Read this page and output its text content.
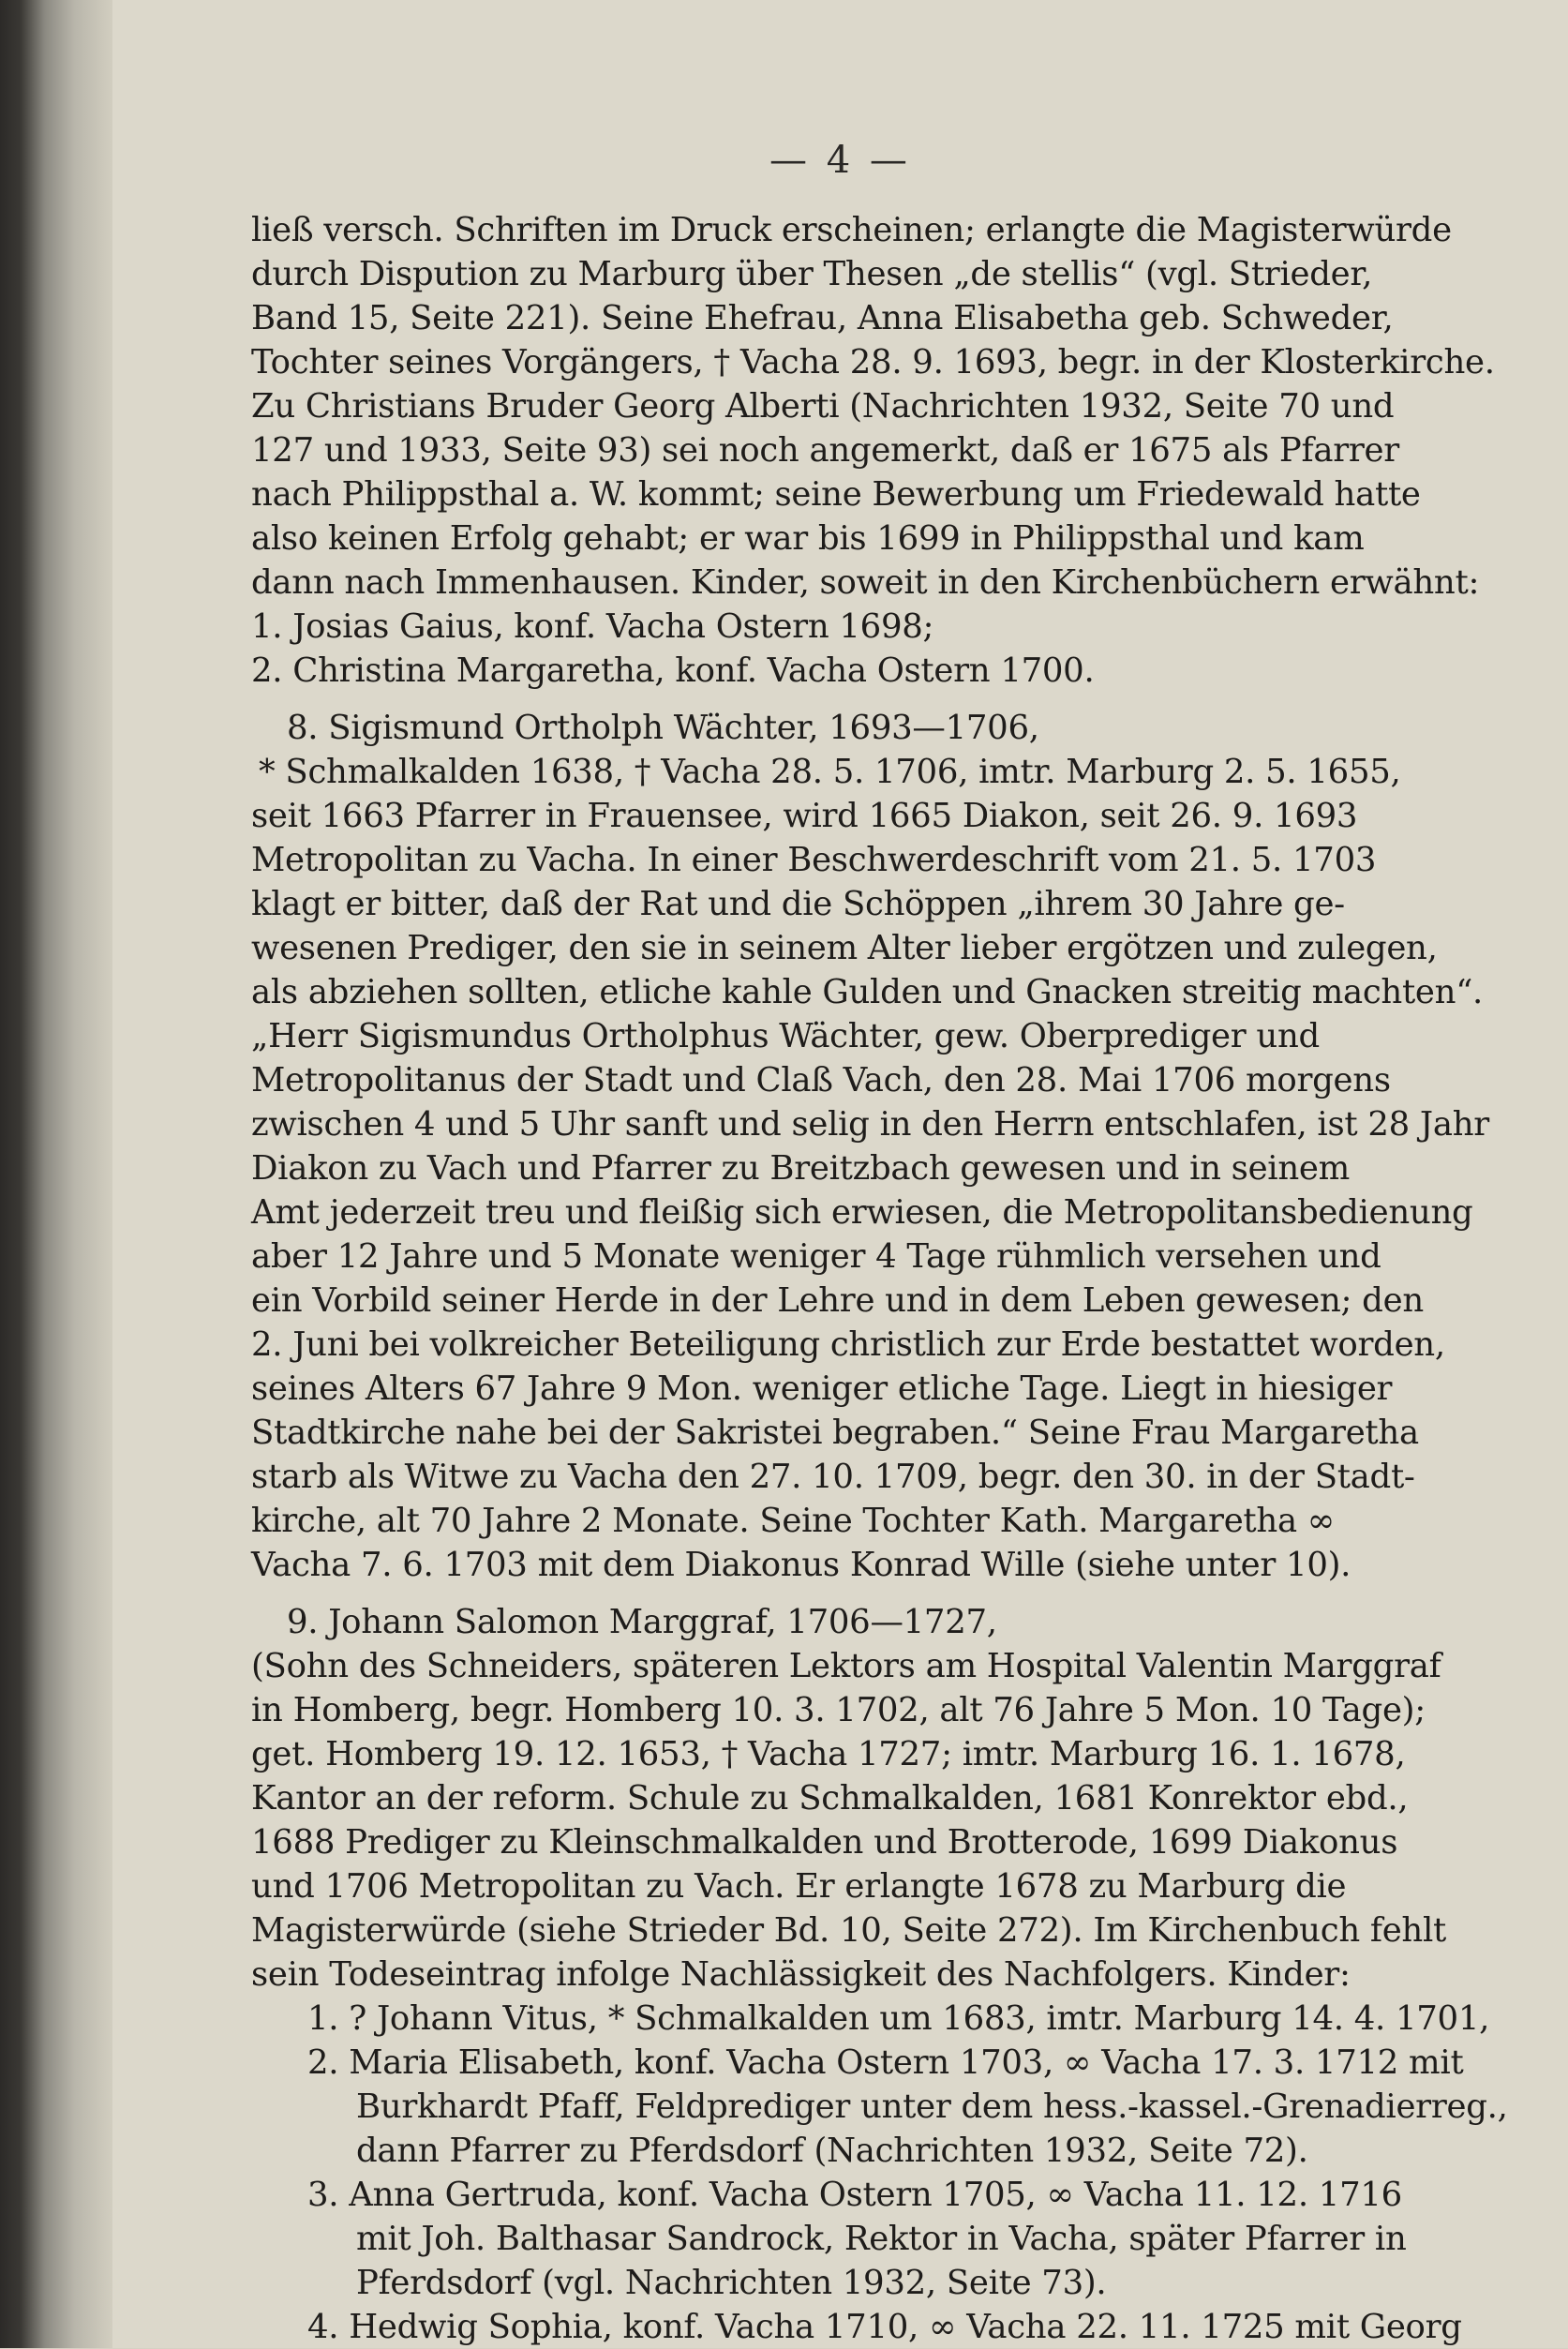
— 4 —
ließ versch. Schriften im Druck erscheinen; erlangte die Magisterwürde
durch Dispution zu Marburg über Thesen „de stellis“ (vgl. Strieder,
Band 15, Seite 221). Seine Ehefrau, Anna Elisabetha geb. Schweder,
Tochter seines Vorgängers, † Vacha 28. 9. 1693, begr. in der Klosterkirche.
Zu Christians Bruder Georg Alberti (Nachrichten 1932, Seite 70 und
127 und 1933, Seite 93) sei noch angemerkt, daß er 1675 als Pfarrer
nach Philippsthal a. W. kommt; seine Bewerbung um Friedewald hatte
also keinen Erfolg gehabt; er war bis 1699 in Philippsthal und kam
dann nach Immenhausen. Kinder, soweit in den Kirchenbüchern erwähnt:
1. Josias Gaius, konf. Vacha Ostern 1698;
2. Christina Margaretha, konf. Vacha Ostern 1700.
8. Sigismund Ortholph Wächter, 1693—1706,
* Schmalkalden 1638, † Vacha 28. 5. 1706, imtr. Marburg 2. 5. 1655,
seit 1663 Pfarrer in Frauensee, wird 1665 Diakon, seit 26. 9. 1693
Metropolitan zu Vacha. In einer Beschwerdeschrift vom 21. 5. 1703
klagt er bitter, daß der Rat und die Schöppen „ihrem 30 Jahre ge-
wesenen Prediger, den sie in seinem Alter lieber ergötzen und zulegen,
als abziehen sollten, etliche kahle Gulden und Gnacken streitig machten“.
„Herr Sigismundus Ortholphus Wächter, gew. Oberprediger und
Metropolitanus der Stadt und Claß Vach, den 28. Mai 1706 morgens
zwischen 4 und 5 Uhr sanft und selig in den Herrn entschlafen, ist 28 Jahr
Diakon zu Vach und Pfarrer zu Breitzbach gewesen und in seinem
Amt jederzeit treu und fleißig sich erwiesen, die Metropolitansbedienung
aber 12 Jahre und 5 Monate weniger 4 Tage rühmlich versehen und
ein Vorbild seiner Herde in der Lehre und in dem Leben gewesen; den
2. Juni bei volkreicher Beteiligung christlich zur Erde bestattet worden,
seines Alters 67 Jahre 9 Mon. weniger etliche Tage. Liegt in hiesiger
Stadtkirche nahe bei der Sakristei begraben.“ Seine Frau Margaretha
starb als Witwe zu Vacha den 27. 10. 1709, begr. den 30. in der Stadt-
kirche, alt 70 Jahre 2 Monate. Seine Tochter Kath. Margaretha ∞
Vacha 7. 6. 1703 mit dem Diakonus Konrad Wille (siehe unter 10).
9. Johann Salomon Marggraf, 1706—1727,
(Sohn des Schneiders, späteren Lektors am Hospital Valentin Marggraf
in Homberg, begr. Homberg 10. 3. 1702, alt 76 Jahre 5 Mon. 10 Tage);
get. Homberg 19. 12. 1653, † Vacha 1727; imtr. Marburg 16. 1. 1678,
Kantor an der reform. Schule zu Schmalkalden, 1681 Konrektor ebd.,
1688 Prediger zu Kleinschmalkalden und Brotterode, 1699 Diakonus
und 1706 Metropolitan zu Vach. Er erlangte 1678 zu Marburg die
Magisterwürde (siehe Strieder Bd. 10, Seite 272). Im Kirchenbuch fehlt
sein Todeseintrag infolge Nachlässigkeit des Nachfolgers. Kinder:
1. ? Johann Vitus, * Schmalkalden um 1683, imtr. Marburg 14. 4. 1701,
2. Maria Elisabeth, konf. Vacha Ostern 1703, ∞ Vacha 17. 3. 1712 mit
Burkhardt Pfaff, Feldprediger unter dem hess.-kassel.-Grenadierreg.,
dann Pfarrer zu Pferdsdorf (Nachrichten 1932, Seite 72).
3. Anna Gertruda, konf. Vacha Ostern 1705, ∞ Vacha 11. 12. 1716
mit Joh. Balthasar Sandrock, Rektor in Vacha, später Pfarrer in
Pferdsdorf (vgl. Nachrichten 1932, Seite 73).
4. Hedwig Sophia, konf. Vacha 1710, ∞ Vacha 22. 11. 1725 mit Georg
